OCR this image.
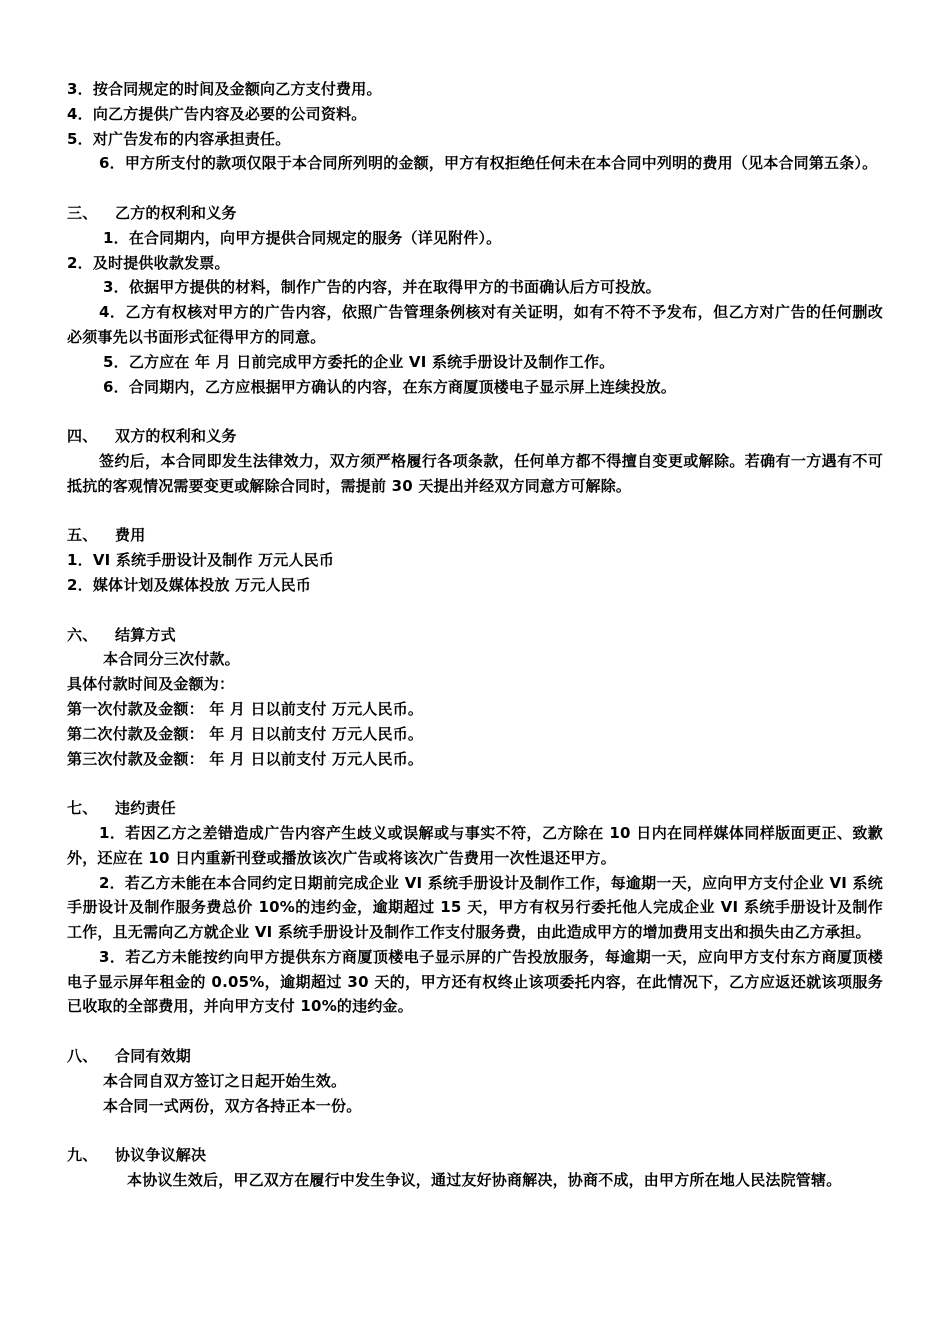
3．按合同规定的时间及金额向乙方支付费用。
4．向乙方提供广告内容及必要的公司资料。
5．对广告发布的内容承担责任。
6．甲方所支付的款项仅限于本合同所列明的金额，甲方有权拒绝任何未在本合同中列明的费用（见本合同第五条）。
三、 乙方的权利和义务
1．在合同期内，向甲方提供合同规定的服务（详见附件）。
2．及时提供收款发票。
3．依据甲方提供的材料，制作广告的内容，并在取得甲方的书面确认后方可投放。
4．乙方有权核对甲方的广告内容，依照广告管理条例核对有关证明，如有不符不予发布，但乙方对广告的任何删改必须事先以书面形式征得甲方的同意。
5．乙方应在 年 月 日前完成甲方委托的企业 VI 系统手册设计及制作工作。
6．合同期内，乙方应根据甲方确认的内容，在东方商厦顶楼电子显示屏上连续投放。
四、 双方的权利和义务
签约后，本合同即发生法律效力，双方须严格履行各项条款，任何单方都不得擅自变更或解除。若确有一方遇有不可抵抗的客观情况需要变更或解除合同时，需提前 30 天提出并经双方同意方可解除。
五、 费用
1．VI 系统手册设计及制作 万元人民币
2．媒体计划及媒体投放 万元人民币
六、 结算方式
本合同分三次付款。
具体付款时间及金额为：
第一次付款及金额： 年 月 日以前支付 万元人民币。
第二次付款及金额： 年 月 日以前支付 万元人民币。
第三次付款及金额： 年 月 日以前支付 万元人民币。
七、 违约责任
1．若因乙方之差错造成广告内容产生歧义或误解或与事实不符，乙方除在 10 日内在同样媒体同样版面更正、致歉外，还应在 10 日内重新刊登或播放该次广告或将该次广告费用一次性退还甲方。
2．若乙方未能在本合同约定日期前完成企业 VI 系统手册设计及制作工作，每逾期一天，应向甲方支付企业 VI 系统手册设计及制作服务费总价 10%的违约金，逾期超过 15 天，甲方有权另行委托他人完成企业 VI 系统手册设计及制作工作，且无需向乙方就企业 VI 系统手册设计及制作工作支付服务费，由此造成甲方的增加费用支出和损失由乙方承担。
3．若乙方未能按约向甲方提供东方商厦顶楼电子显示屏的广告投放服务，每逾期一天，应向甲方支付东方商厦顶楼电子显示屏年租金的 0.05%，逾期超过 30 天的，甲方还有权终止该项委托内容，在此情况下，乙方应返还就该项服务已收取的全部费用，并向甲方支付 10%的违约金。
八、 合同有效期
本合同自双方签订之日起开始生效。
本合同一式两份，双方各持正本一份。
九、 协议争议解决
本协议生效后，甲乙双方在履行中发生争议，通过友好协商解决，协商不成，由甲方所在地人民法院管辖。
